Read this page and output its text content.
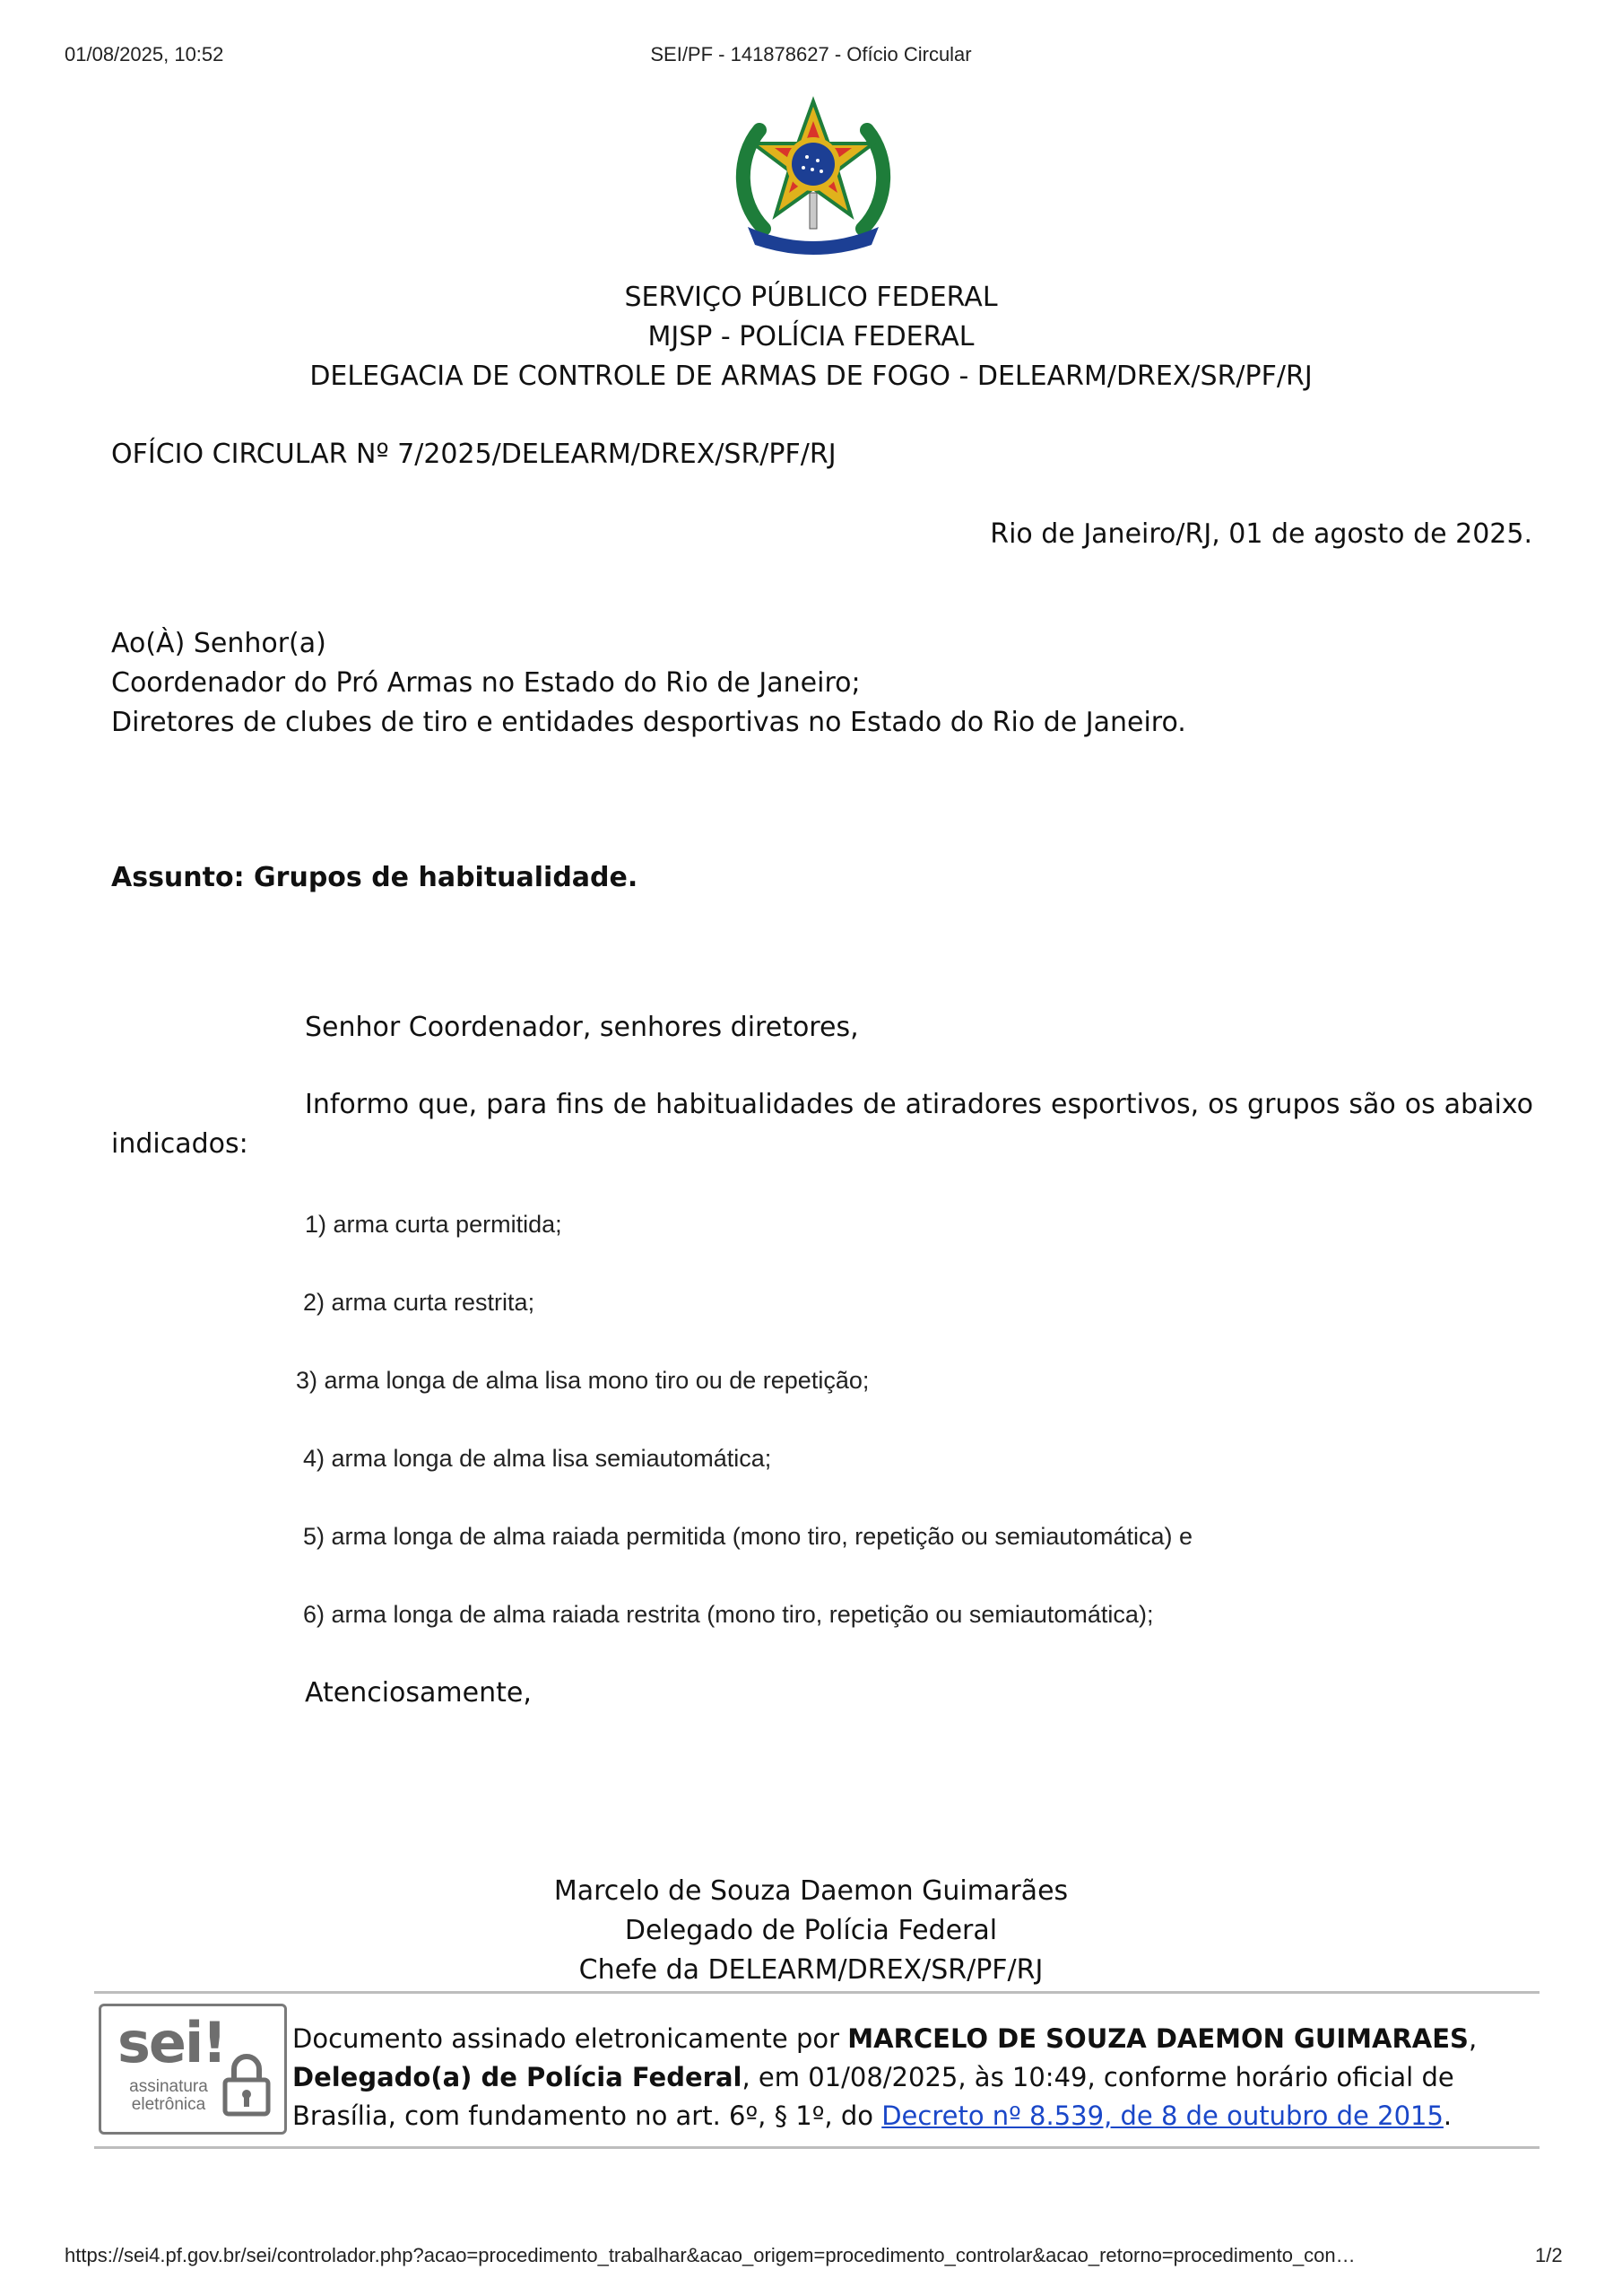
01/08/2025, 10:52	SEI/PF - 141878627 - Ofício Circular
SERVIÇO PÚBLICO FEDERAL
MJSP - POLÍCIA FEDERAL
DELEGACIA DE CONTROLE DE ARMAS DE FOGO - DELEARM/DREX/SR/PF/RJ
OFÍCIO CIRCULAR Nº 7/2025/DELEARM/DREX/SR/PF/RJ
Rio de Janeiro/RJ, 01 de agosto de 2025.
Ao(À) Senhor(a)
Coordenador do Pró Armas no Estado do Rio de Janeiro;
Diretores de clubes de tiro e entidades desportivas no Estado do Rio de Janeiro.
Assunto: Grupos de habitualidade.
Senhor Coordenador, senhores diretores,
Informo que, para fins de habitualidades de atiradores esportivos, os grupos são os abaixo
indicados:
1) arma curta permitida;
2) arma curta restrita;
3) arma longa de alma lisa mono tiro ou de repetição;
4) arma longa de alma lisa semiautomática;
5) arma longa de alma raiada permitida (mono tiro, repetição ou semiautomática) e
6) arma longa de alma raiada restrita (mono tiro, repetição ou semiautomática);
Atenciosamente,
Marcelo de Souza Daemon Guimarães
Delegado de Polícia Federal
Chefe da DELEARM/DREX/SR/PF/RJ
sei!
assinatura
eletrônica
Documento assinado eletronicamente por MARCELO DE SOUZA DAEMON GUIMARAES, Delegado(a) de Polícia Federal, em 01/08/2025, às 10:49, conforme horário oficial de Brasília, com fundamento no art. 6º, § 1º, do Decreto nº 8.539, de 8 de outubro de 2015.
https://sei4.pf.gov.br/sei/controlador.php?acao=procedimento_trabalhar&acao_origem=procedimento_controlar&acao_retorno=procedimento_con…	1/2
